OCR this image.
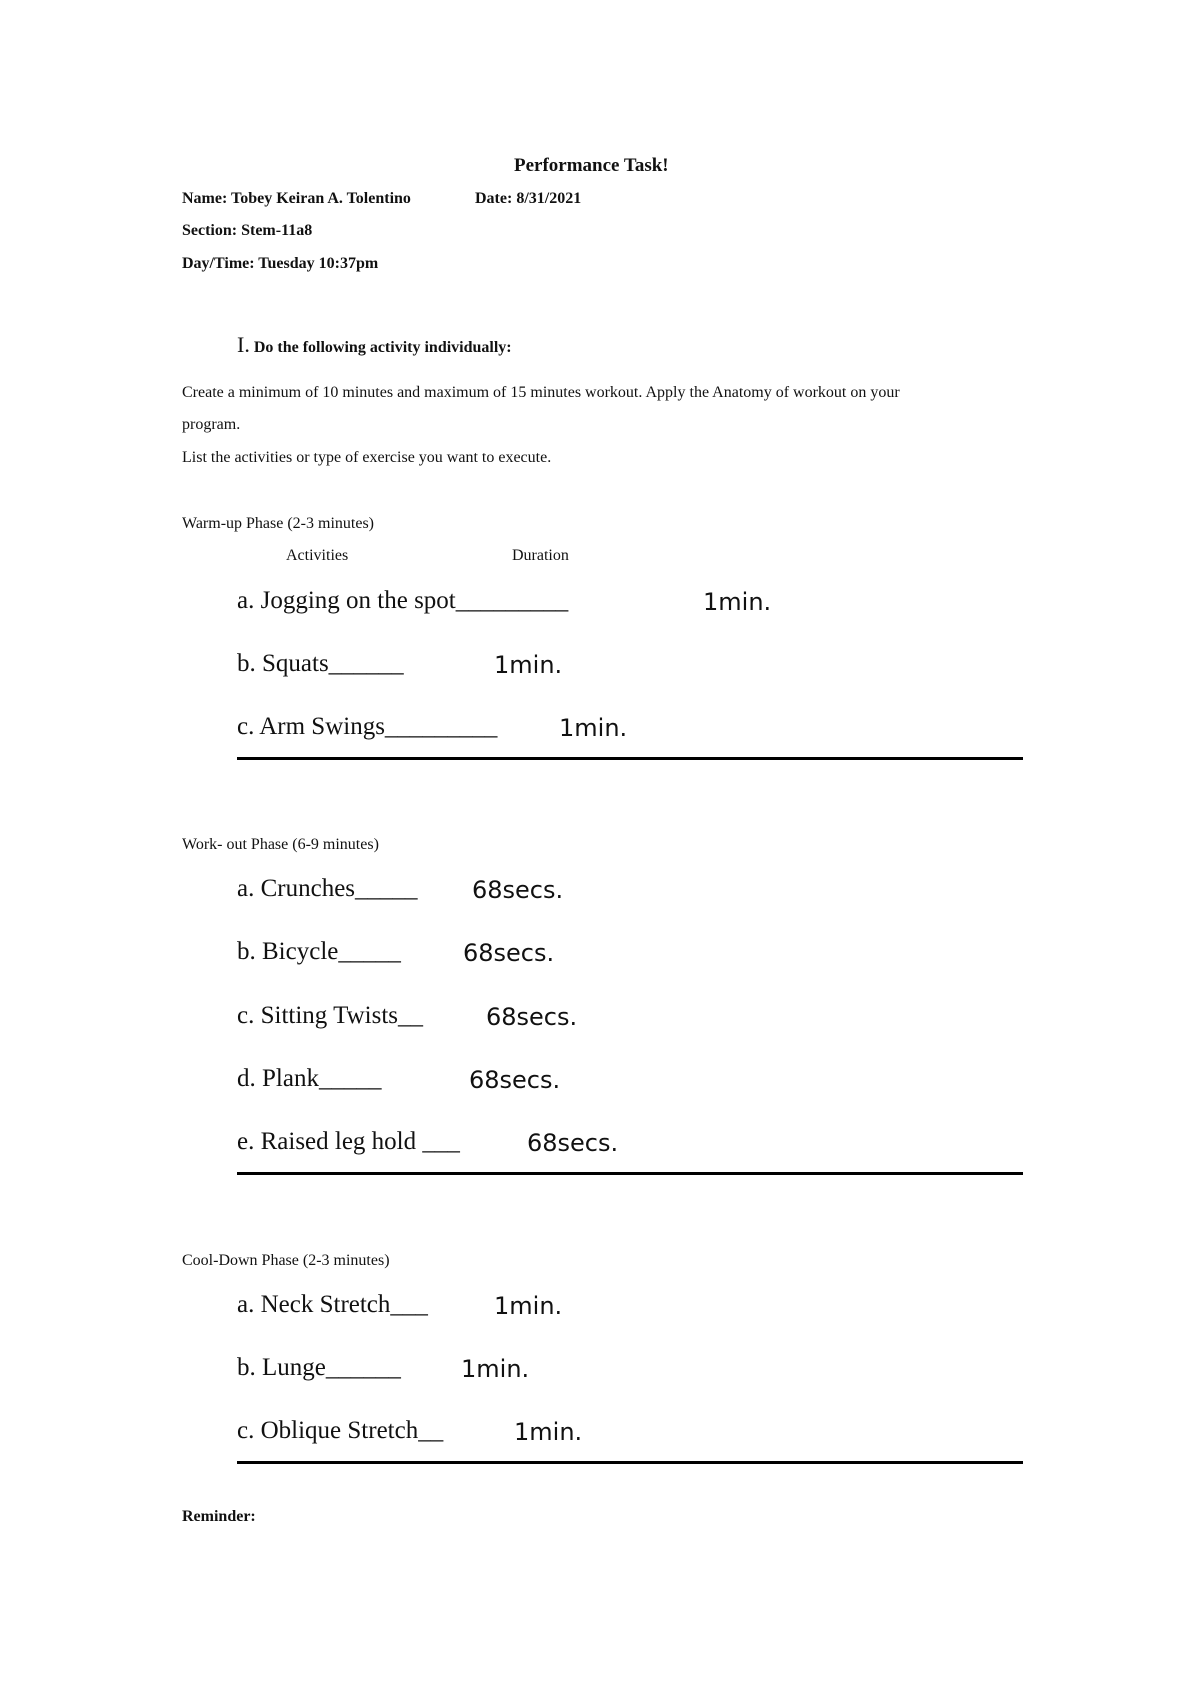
Performance Task!
Name: Tobey Keiran A. Tolentino	Date: 8/31/2021
Section: Stem-11a8
Day/Time: Tuesday 10:37pm
I. Do the following activity individually:
Create a minimum of 10 minutes and maximum of 15 minutes workout. Apply the Anatomy of workout on your
program.
List the activities or type of exercise you want to execute.
Warm-up Phase (2-3 minutes)
Activities	Duration
a. Jogging on the spot_________	1min.
b. Squats______	1min.
c. Arm Swings_________	1min.
Work- out Phase (6-9 minutes)
a. Crunches_____ 68secs.
b. Bicycle_____	68secs.
c. Sitting Twists__	68secs.
d. Plank_____	68secs.
e. Raised leg hold ___	68secs.
Cool-Down Phase (2-3 minutes)
a. Neck Stretch___	1min.
b. Lunge______	1min.
c. Oblique Stretch__	1min.
Reminder:
